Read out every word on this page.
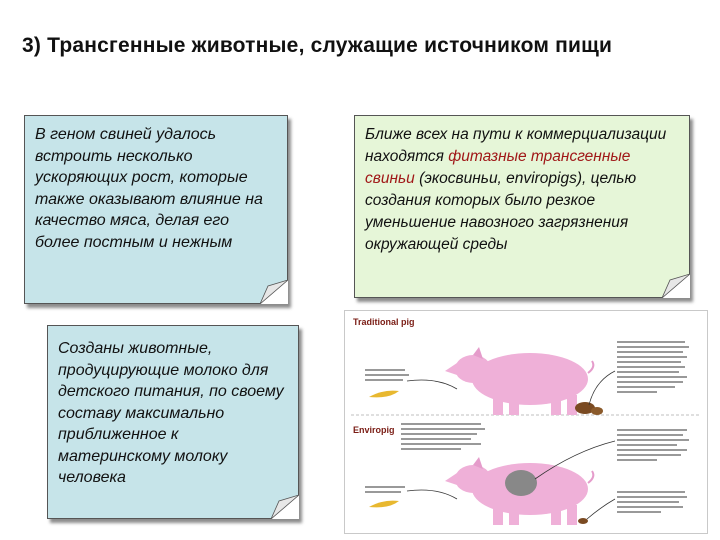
3) Трансгенные животные, служащие источником пищи
В геном свиней удалось встроить несколько ускоряющих рост, которые также оказывают влияние на качество мяса, делая его более постным и нежным
Созданы животные, продуцирующие молоко для детского питания, по своему составу максимально приближенное к материнскому молоку человека
Ближе всех на пути к коммерциализации находятся фитазные трансгенные свиньи (экосвиньи, enviropigs), целью создания которых было резкое уменьшение навозного загрязнения окружающей среды
Traditional pig
Enviropig
